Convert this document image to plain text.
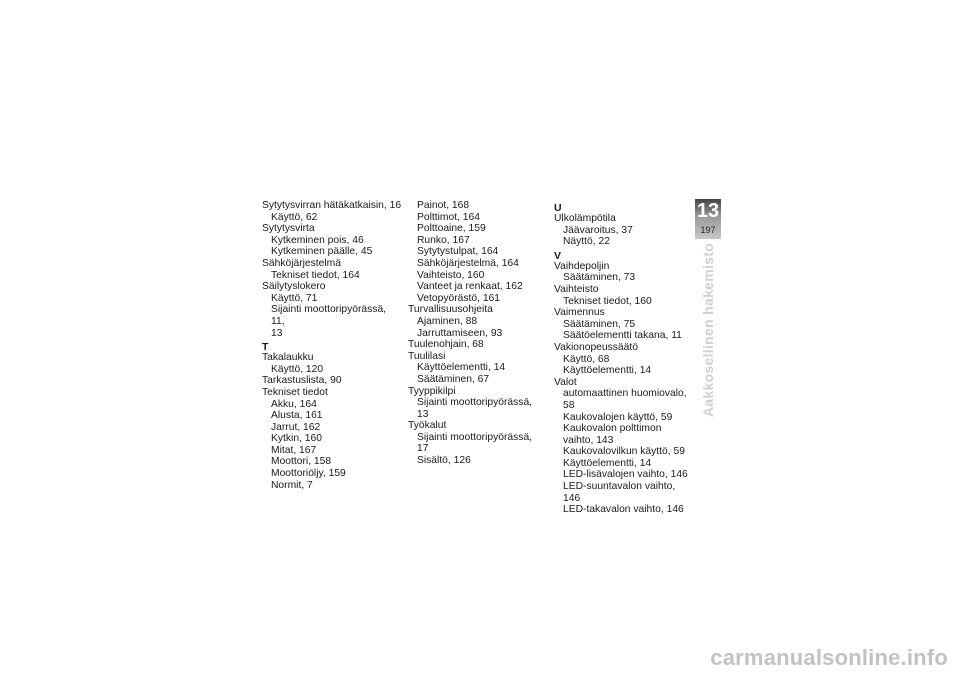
Sytytysvirran hätäkatkaisin, 16
Käyttö, 62
Sytytysvirta
Kytkeminen pois, 46
Kytkeminen päälle, 45
Sähköjärjestelmä
Tekniset tiedot, 164
Säilytyslokero
Käyttö, 71
Sijainti moottoripyörässä, 11,
13
T
Takalaukku
Käyttö, 120
Tarkastuslista, 90
Tekniset tiedot
Akku, 164
Alusta, 161
Jarrut, 162
Kytkin, 160
Mitat, 167
Moottori, 158
Moottoriöljy, 159
Normit, 7
Painot, 168
Polttimot, 164
Polttoaine, 159
Runko, 167
Sytytystulpat, 164
Sähköjärjestelmä, 164
Vaihteisto, 160
Vanteet ja renkaat, 162
Vetopyörästö, 161
Turvallisuusohjeita
Ajaminen, 88
Jarruttamiseen, 93
Tuulenohjain, 68
Tuulilasi
Käyttöelementti, 14
Säätäminen, 67
Tyyppikilpi
Sijainti moottoripyörässä, 13
Työkalut
Sijainti moottoripyörässä, 17
Sisältö, 126
U
Ulkolämpötila
Jäävaroitus, 37
Näyttö, 22
V
Vaihdepoljin
Säätäminen, 73
Vaihteisto
Tekniset tiedot, 160
Vaimennus
Säätäminen, 75
Säätöelementti takana, 11
Vakionopeussäätö
Käyttö, 68
Käyttöelementti, 14
Valot
automaattinen huomiovalo, 58
Kaukovalojen käyttö, 59
Kaukovalon polttimon
vaihto, 143
Kaukovalovilkun käyttö, 59
Käyttöelementti, 14
LED-lisävalojen vaihto, 146
LED-suuntavalon vaihto, 146
LED-takavalon vaihto, 146
13
197
Aakkosellinen hakemisto
carmanualsonline.info
